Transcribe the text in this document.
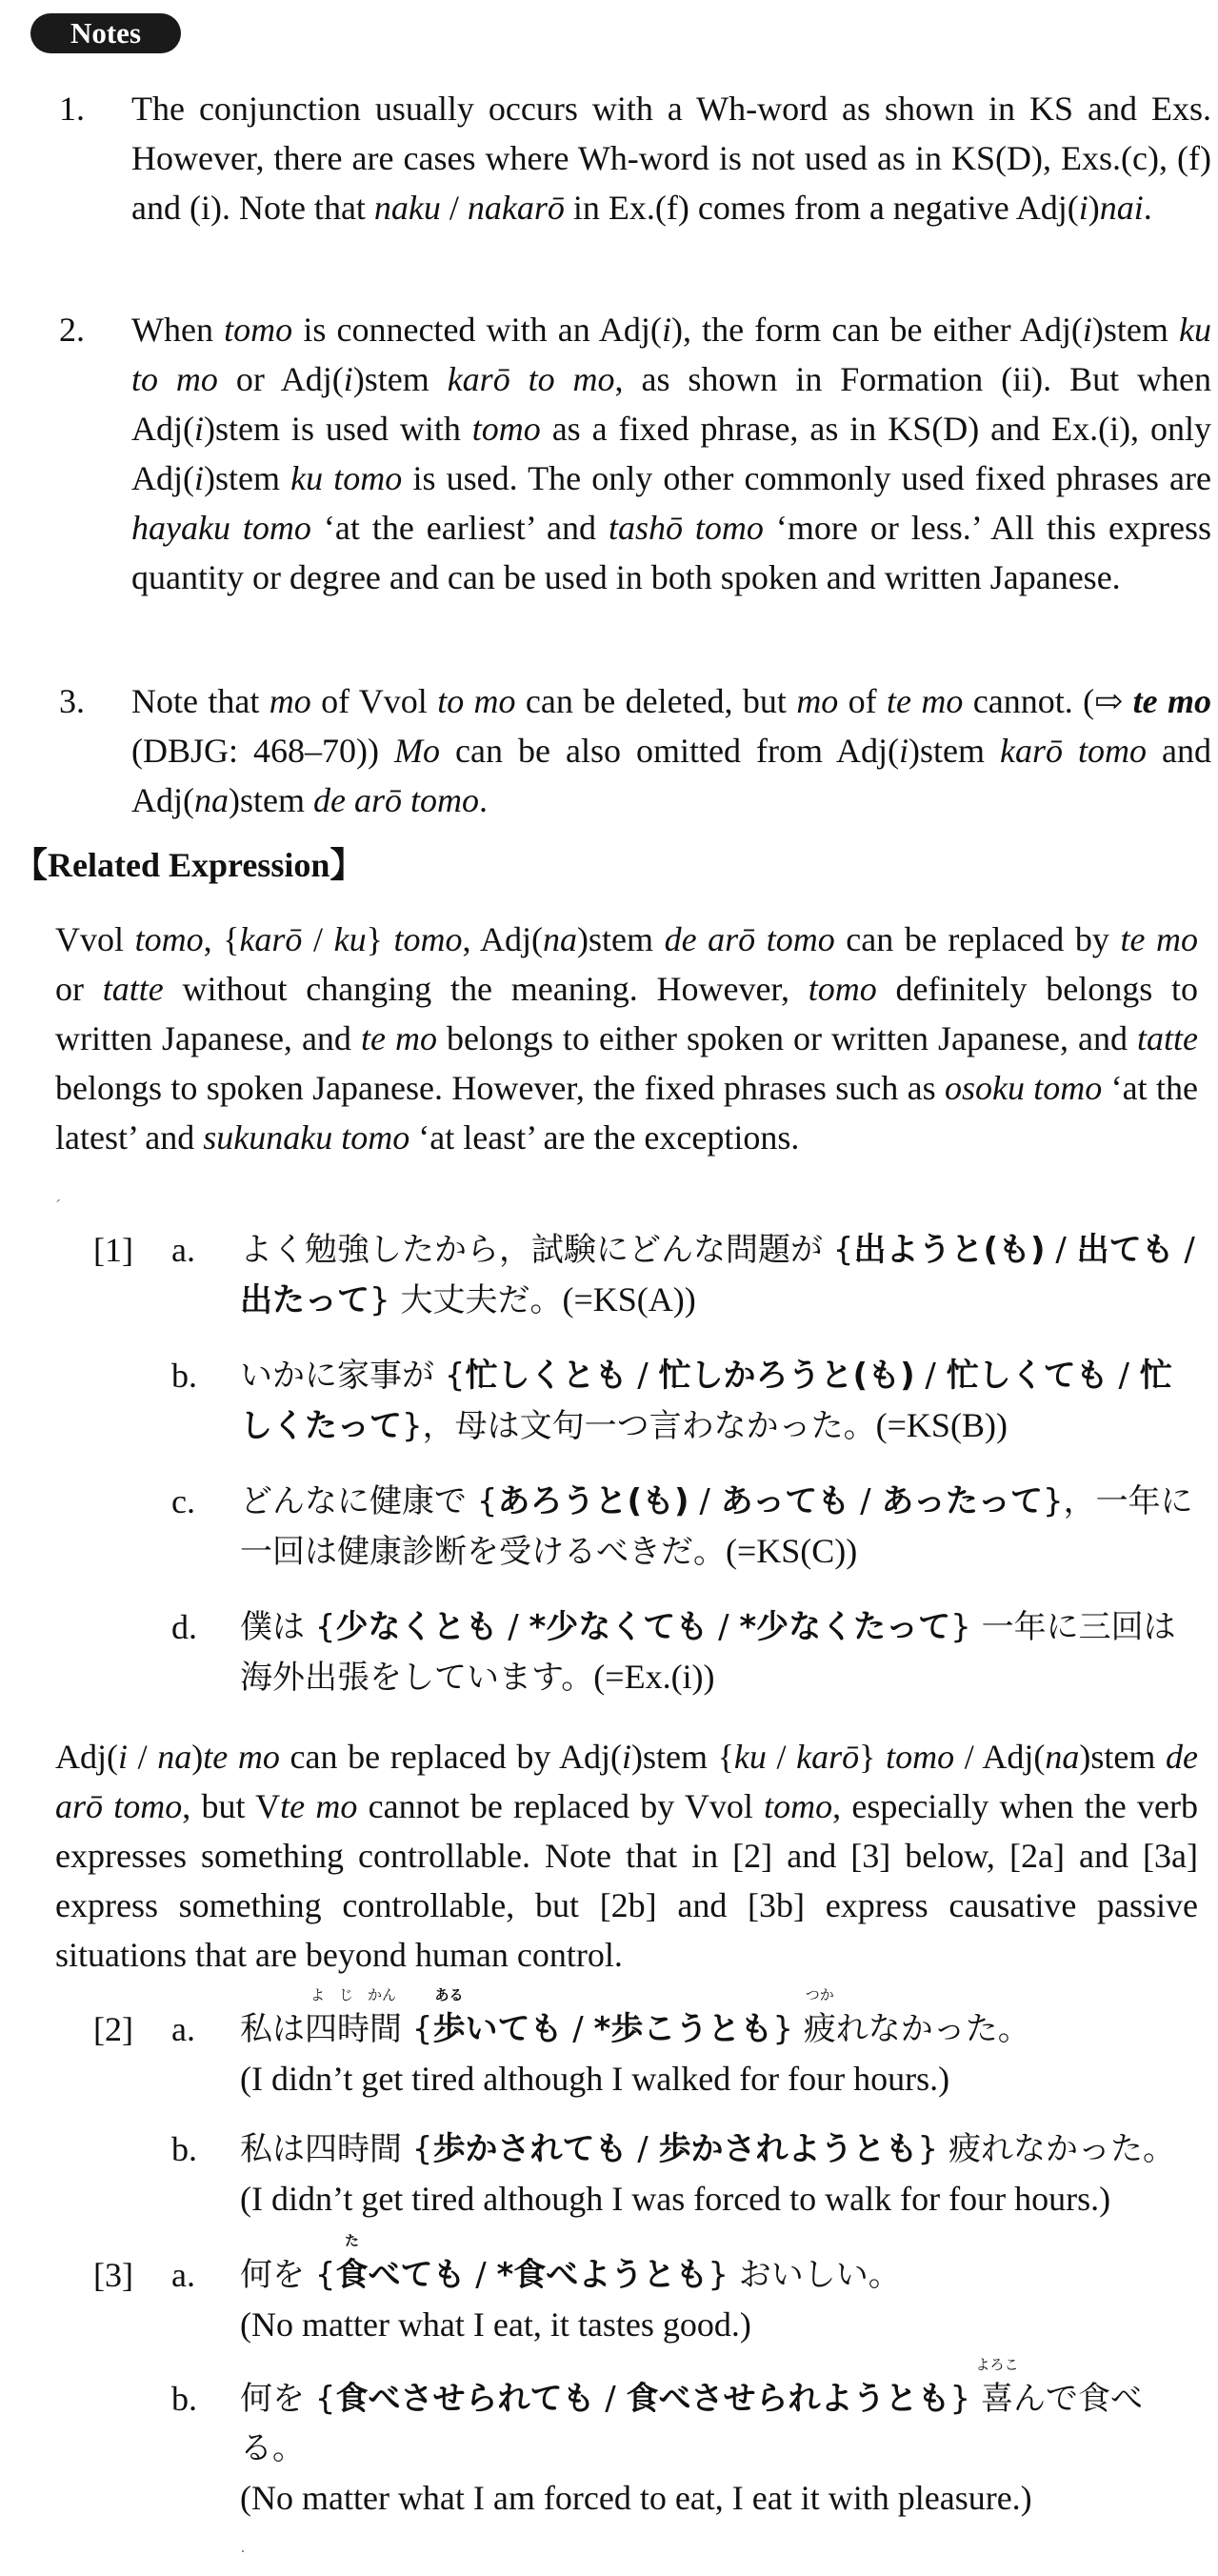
Notes
1. The conjunction usually occurs with a Wh-word as shown in KS and Exs. However, there are cases where Wh-word is not used as in KS(D), Exs.(c), (f) and (i). Note that naku / nakarō in Ex.(f) comes from a negative Adj(i)nai.
2. When tomo is connected with an Adj(i), the form can be either Adj(i)stem ku to mo or Adj(i)stem karō to mo, as shown in Formation (ii). But when Adj(i)stem is used with tomo as a fixed phrase, as in KS(D) and Ex.(i), only Adj(i)stem ku tomo is used. The only other commonly used fixed phrases are hayaku tomo ‘at the earliest’ and tashō tomo ‘more or less.’ All this express quantity or degree and can be used in both spoken and written Japanese.
3. Note that mo of Vvol to mo can be deleted, but mo of te mo cannot. (⇨ te mo (DBJG: 468–70)) Mo can be also omitted from Adj(i)stem karō tomo and Adj(na)stem de arō tomo.
【Related Expression】
Vvol tomo, {karō / ku} tomo, Adj(na)stem de arō tomo can be replaced by te mo or tatte without changing the meaning. However, tomo definitely belongs to written Japanese, and te mo belongs to either spoken or written Japanese, and tatte belongs to spoken Japanese. However, the fixed phrases such as osoku tomo ‘at the latest’ and sukunaku tomo ‘at least’ are the exceptions.
ˊ
[1] a. よく勉強したから，試験にどんな問題が {出ようと(も) / 出ても / 出たって} 大丈夫だ。(=KS(A))
b. いかに家事が {忙しくとも / 忙しかろうと(も) / 忙しくても / 忙しくたって}，母は文句一つ言わなかった。(=KS(B))
c. どんなに健康で {あろうと(も) / あっても / あったって}，一年に一回は健康診断を受けるべきだ。(=KS(C))
d. 僕は {少なくとも / *少なくても / *少なくたって} 一年に三回は海外出張をしています。(=Ex.(i))
Adj(i / na)te mo can be replaced by Adj(i)stem {ku / karō} tomo / Adj(na)stem de arō tomo, but Vte mo cannot be replaced by Vvol tomo, especially when the verb expresses something controllable. Note that in [2] and [3] below, [2a] and [3a] express something controllable, but [2b] and [3b] express causative passive situations that are beyond human control.
[2] a. 私は四時間
よ　じ　かん
{歩
ある
いても / *歩こうとも} 疲
つか
れなかった。
(I didn’t get tired although I walked for four hours.)
b. 私は四時間 {歩かされても / 歩かされようとも} 疲れなかった。
(I didn’t get tired although I was forced to walk for four hours.)
[3] a. 何を {食
た
べても / *食べようとも} おいしい。
(No matter what I eat, it tastes good.)
b. 何を {食べさせられても / 食べさせられようとも} 喜
よろこ
んで食べる。
(No matter what I am forced to eat, I eat it with pleasure.)
·
